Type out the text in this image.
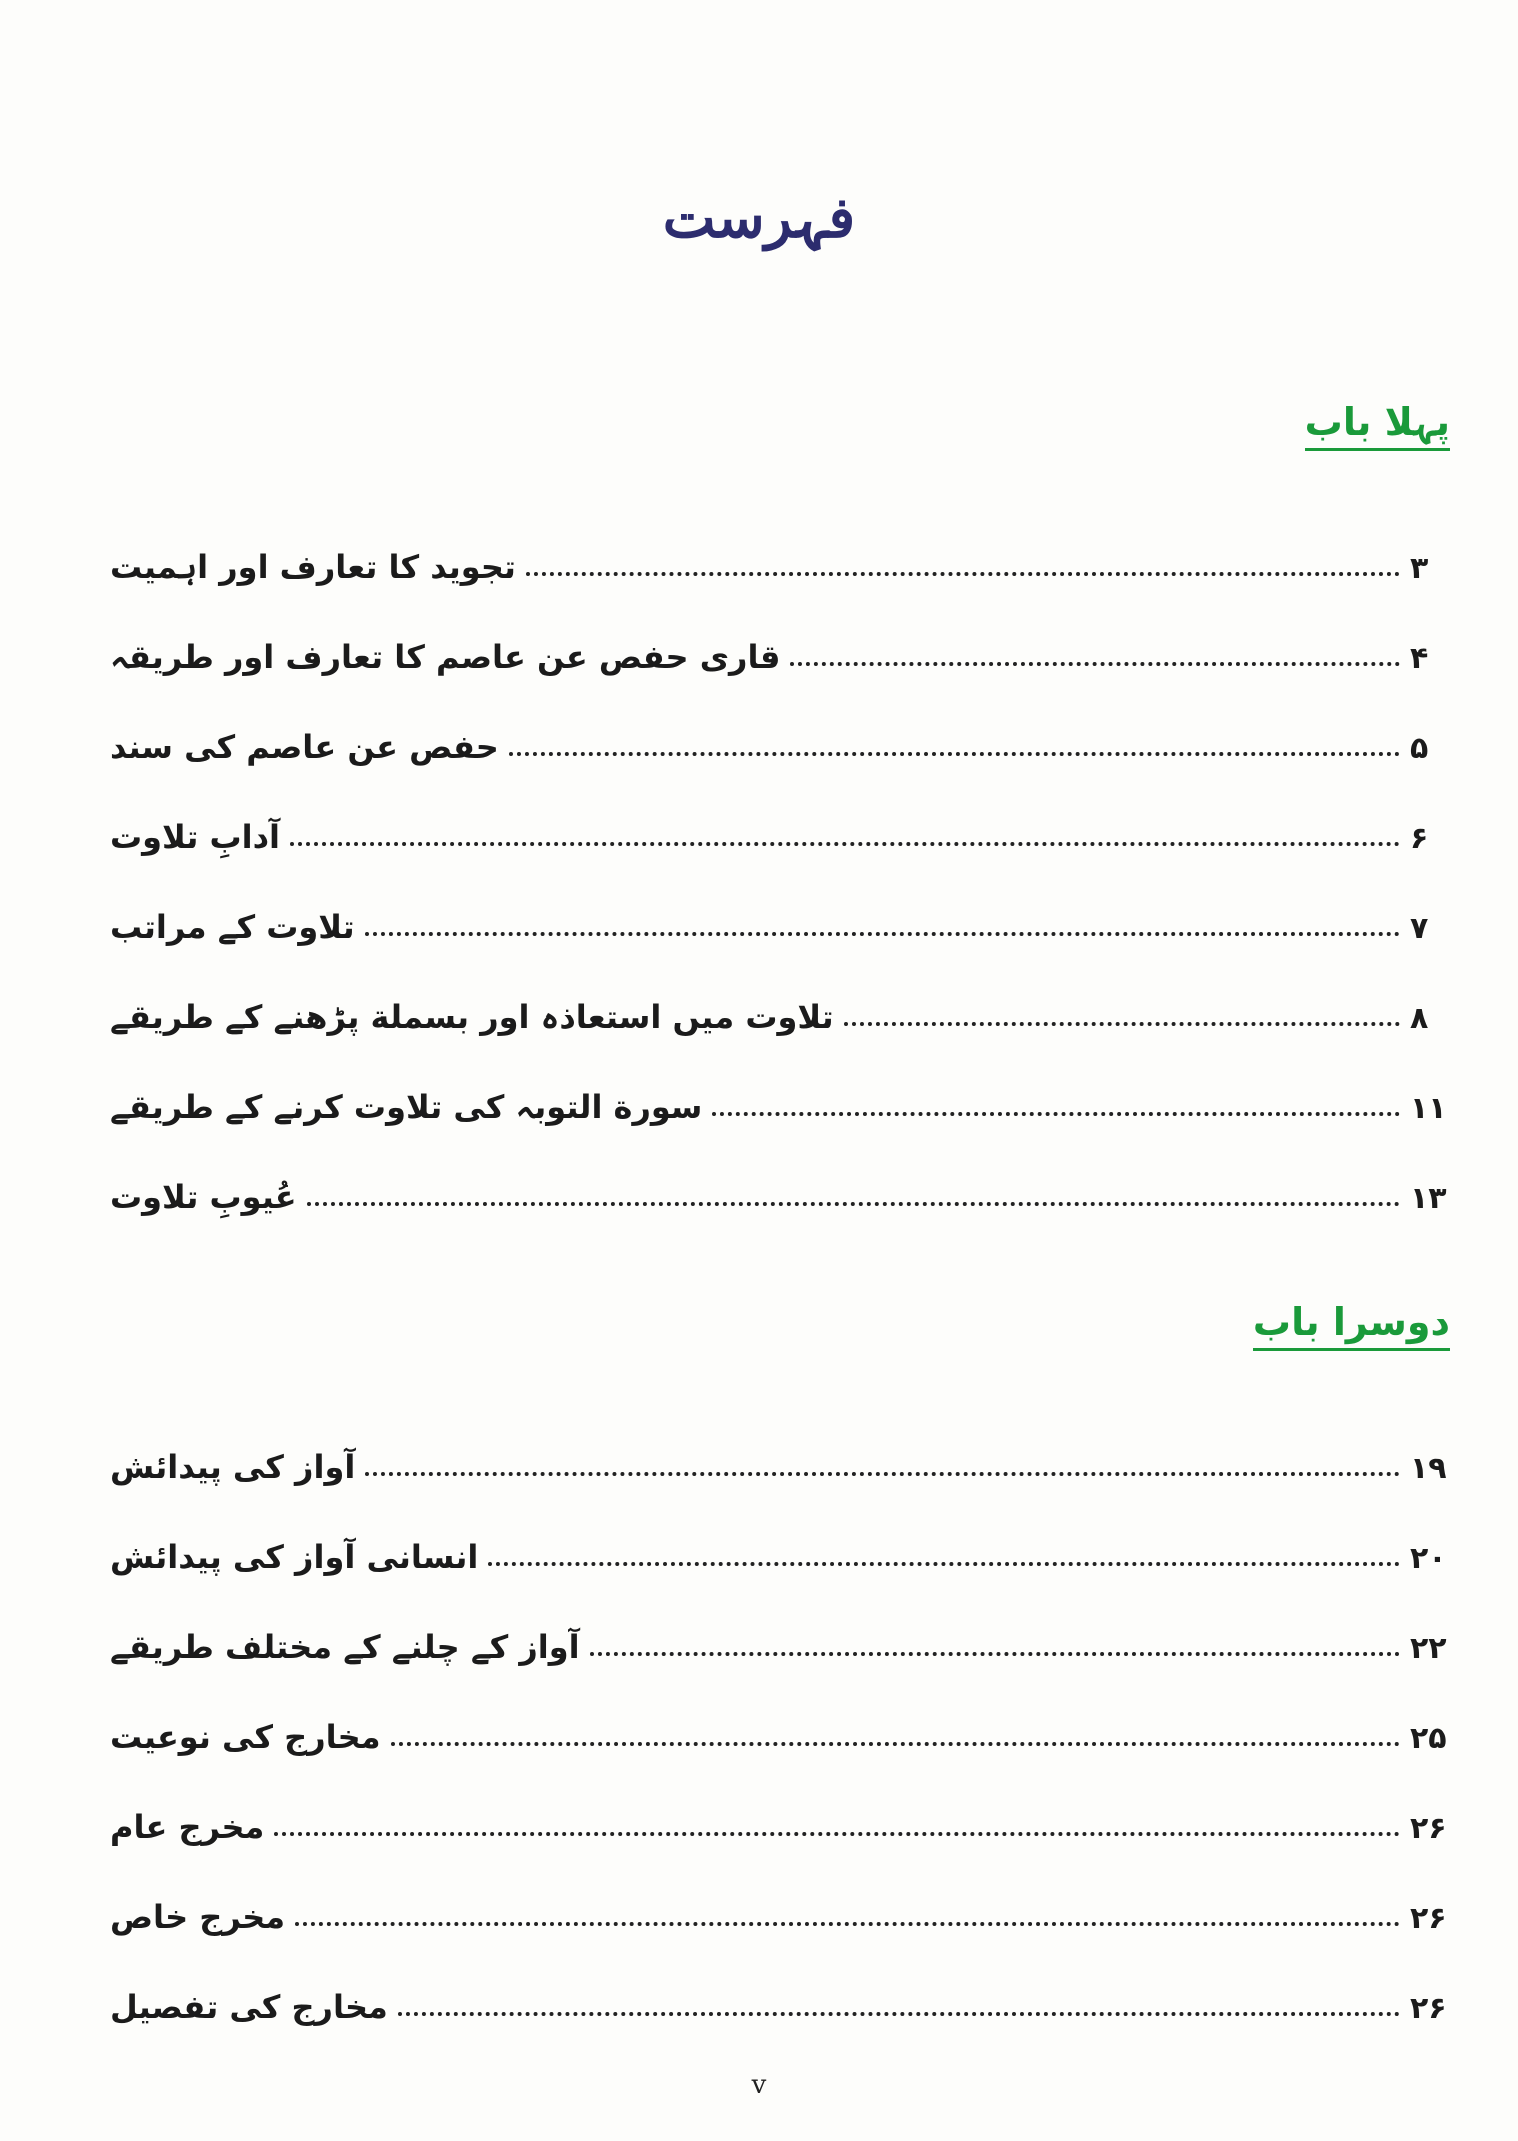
فہرست
پہلا باب
تجوید کا تعارف اور اہمیت	۳
قاری حفص عن عاصم کا تعارف اور طریقہ	۴
حفص عن عاصم کی سند	۵
آدابِ تلاوت	۶
تلاوت کے مراتب	۷
تلاوت میں استعاذہ اور بسملة پڑھنے کے طریقے	۸
سورة التوبہ کی تلاوت کرنے کے طریقے	۱۱
عُیوبِ تلاوت	۱۳
دوسرا باب
آواز کی پیدائش	۱۹
انسانی آواز کی پیدائش	۲۰
آواز کے چلنے کے مختلف طریقے	۲۲
مخارج کی نوعیت	۲۵
مخرج عام	۲۶
مخرج خاص	۲۶
مخارج کی تفصیل	۲۶
v
